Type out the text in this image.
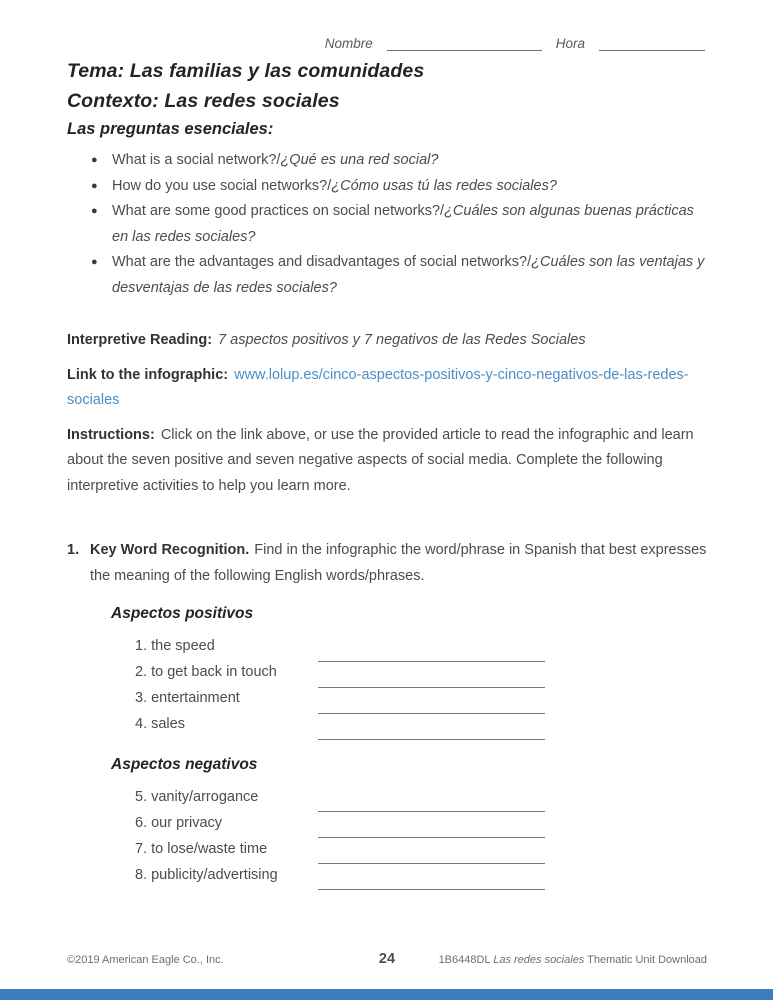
Nombre	Hora
Tema: Las familias y las comunidades
Contexto: Las redes sociales
Las preguntas esenciales:
● What is a social network?/¿Qué es una red social?
● How do you use social networks?/¿Cómo usas tú las redes sociales?
● What are some good practices on social networks?/¿Cuáles son algunas buenas prácticas en las redes sociales?
● What are the advantages and disadvantages of social networks?/¿Cuáles son las ventajas y desventajas de las redes sociales?

Interpretive Reading: 7 aspectos positivos y 7 negativos de las Redes Sociales

Link to the infographic: www.lolup.es/cinco-aspectos-positivos-y-cinco-negativos-de-las-redes-sociales

Instructions: Click on the link above, or use the provided article to read the infographic and learn about the seven positive and seven negative aspects of social media. Complete the following interpretive activities to help you learn more.

1. Key Word Recognition. Find in the infographic the word/phrase in Spanish that best expresses the meaning of the following English words/phrases.

Aspectos positivos
1. the speed
2. to get back in touch
3. entertainment
4. sales
Aspectos negativos
5. vanity/arrogance
6. our privacy
7. to lose/waste time
8. publicity/advertising
©2019 American Eagle Co., Inc.	24	1B6448DL Las redes sociales Thematic Unit Download
